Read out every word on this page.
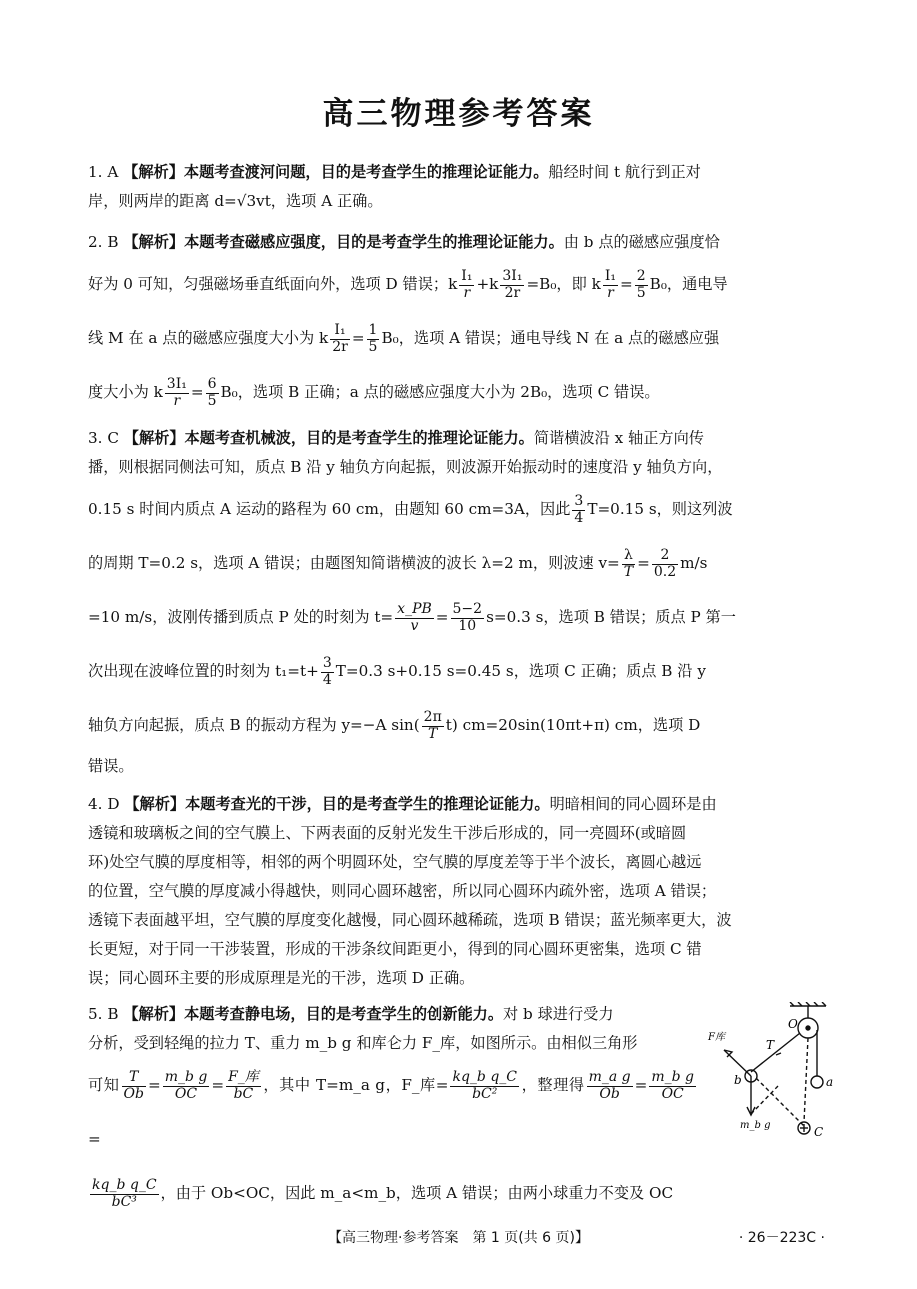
高三物理参考答案
1. A 【解析】本题考查渡河问题，目的是考查学生的推理论证能力。船经时间 t 航行到正对
岸，则两岸的距离 d=√3vt，选项 A 正确。
2. B 【解析】本题考查磁感应强度，目的是考查学生的推理论证能力。由 b 点的磁感应强度恰
好为 0 可知，匀强磁场垂直纸面向外，选项 D 错误；k $\frac{\text{I₁}}{r} +k \frac{\text{3I₁}}{2r} =B_0$，即 k $\frac{\text{I₁}}{r} = \frac{2}{5} B_0$，通电导
线 M 在 a 点的磁感应强度大小为 k $\frac{\text{I₁}}{2r} = \frac{1}{5} B_0$，选项 A 错误；通电导线 N 在 a 点的磁感应强
度大小为 k $\frac{\text{3I₁}}{r} = \frac{6}{5} B_0$，选项 B 正确；a 点的磁感应强度大小为 2B₀，选项 C 错误。
3. C 【解析】本题考查机械波，目的是考查学生的推理论证能力。简谐横波沿 x 轴正方向传
播，则根据同侧法可知，质点 B 沿 y 轴负方向起振，则波源开始振动时的速度沿 y 轴负方向，
0.15 s 时间内质点 A 运动的路程为 60 cm，由题知 60 cm=3A，因此 $\frac{3}{4} T=0.15$ s，则这列波
的周期 T=0.2 s，选项 A 错误；由题图知简谐横波的波长 λ=2 m，则波速 $v= \frac{\lambda}{T} = \frac{2}{0.2} m/s$
=10 m/s，波刚传播到质点 P 处的时刻为 $t= \frac{x\_PB}{v} = \frac{5-2}{10} s=0.3$ s，选项 B 错误；质点 P 第一
次出现在波峰位置的时刻为 $t_1=t+ \frac{3}{4} T=0.3$ s+0.15 s=0.45 s，选项 C 正确；质点 B 沿 y
轴负方向起振，质点 B 的振动方程为 y=−A $\sin( \frac{2\pi}{T} t)$ cm=20sin(10πt+π) cm，选项 D
错误。
4. D 【解析】本题考查光的干涉，目的是考查学生的推理论证能力。明暗相间的同心圆环是由
透镜和玻璃板之间的空气膜上、下两表面的反射光发生干涉后形成的，同一亮圆环(或暗圆
环)处空气膜的厚度相等，相邻的两个明圆环处，空气膜的厚度差等于半个波长，离圆心越远
的位置，空气膜的厚度减小得越快，则同心圆环越密，所以同心圆环内疏外密，选项 A 错误；
透镜下表面越平坦，空气膜的厚度变化越慢，同心圆环越稀疏，选项 B 错误；蓝光频率更大，波
长更短，对于同一干涉装置，形成的干涉条纹间距更小，得到的同心圆环更密集，选项 C 错
误；同心圆环主要的形成原理是光的干涉，选项 D 正确。
5. B 【解析】本题考查静电场，目的是考查学生的创新能力。对 b 球进行受力
分析，受到轻绳的拉力 T、重力 m_b g 和库仑力 F_库，如图所示。由相似三角形
可知 $\frac{T}{Ob} = \frac{\text{m\_b g}}{OC} = \frac{\text{F\_库}}{bC}$ ，其中 T=m_a g，F_库= $\frac{\text{kq\_b q\_C}}{\text{bC²}}$ ，整理得 $\frac{\text{m\_a g}}{Ob} = \frac{\text{m\_b g}}{OC}$
=
$\frac{\text{kq\_b q\_C}}{\text{bC³}}$ ，由于 Ob<OC，因此 m_a<m_b，选项 A 错误；由两小球重力不变及 OC
O
T
b	a
C
F库
m_b g
【高三物理·参考答案　第 1 页(共 6 页)】	· 26－223C ·
